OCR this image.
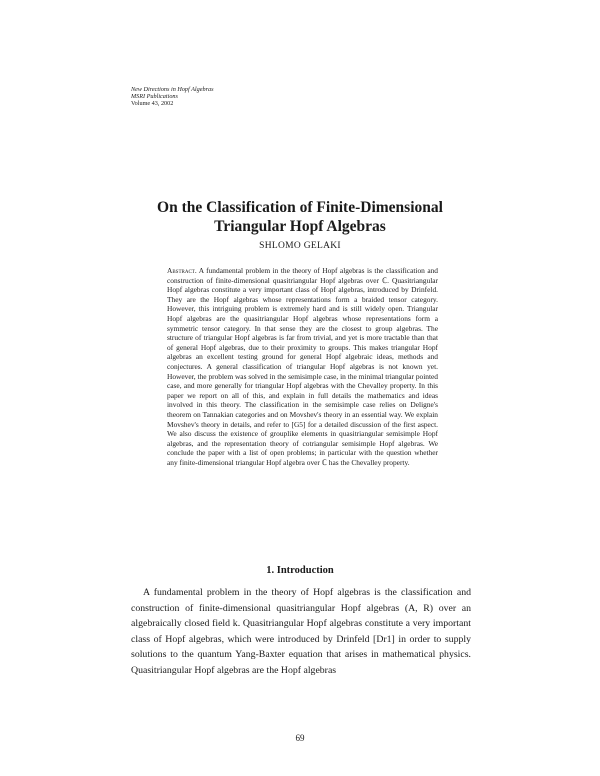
New Directions in Hopf Algebras
MSRI Publications
Volume 43, 2002
On the Classification of Finite-Dimensional
Triangular Hopf Algebras
SHLOMO GELAKI
Abstract. A fundamental problem in the theory of Hopf algebras is the classification and construction of finite-dimensional quasitriangular Hopf algebras over ℂ. Quasitriangular Hopf algebras constitute a very important class of Hopf algebras, introduced by Drinfeld. They are the Hopf algebras whose representations form a braided tensor category. However, this intriguing problem is extremely hard and is still widely open. Triangular Hopf algebras are the quasitriangular Hopf algebras whose representations form a symmetric tensor category. In that sense they are the closest to group algebras. The structure of triangular Hopf algebras is far from trivial, and yet is more tractable than that of general Hopf algebras, due to their proximity to groups. This makes triangular Hopf algebras an excellent testing ground for general Hopf algebraic ideas, methods and conjectures. A general classification of triangular Hopf algebras is not known yet. However, the problem was solved in the semisimple case, in the minimal triangular pointed case, and more generally for triangular Hopf algebras with the Chevalley property. In this paper we report on all of this, and explain in full details the mathematics and ideas involved in this theory. The classification in the semisimple case relies on Deligne's theorem on Tannakian categories and on Movshev's theory in an essential way. We explain Movshev's theory in details, and refer to [G5] for a detailed discussion of the first aspect. We also discuss the existence of grouplike elements in quasitriangular semisimple Hopf algebras, and the representation theory of cotriangular semisimple Hopf algebras. We conclude the paper with a list of open problems; in particular with the question whether any finite-dimensional triangular Hopf algebra over ℂ has the Chevalley property.
1. Introduction
A fundamental problem in the theory of Hopf algebras is the classification and construction of finite-dimensional quasitriangular Hopf algebras (A, R) over an algebraically closed field k. Quasitriangular Hopf algebras constitute a very important class of Hopf algebras, which were introduced by Drinfeld [Dr1] in order to supply solutions to the quantum Yang-Baxter equation that arises in mathematical physics. Quasitriangular Hopf algebras are the Hopf algebras
69
